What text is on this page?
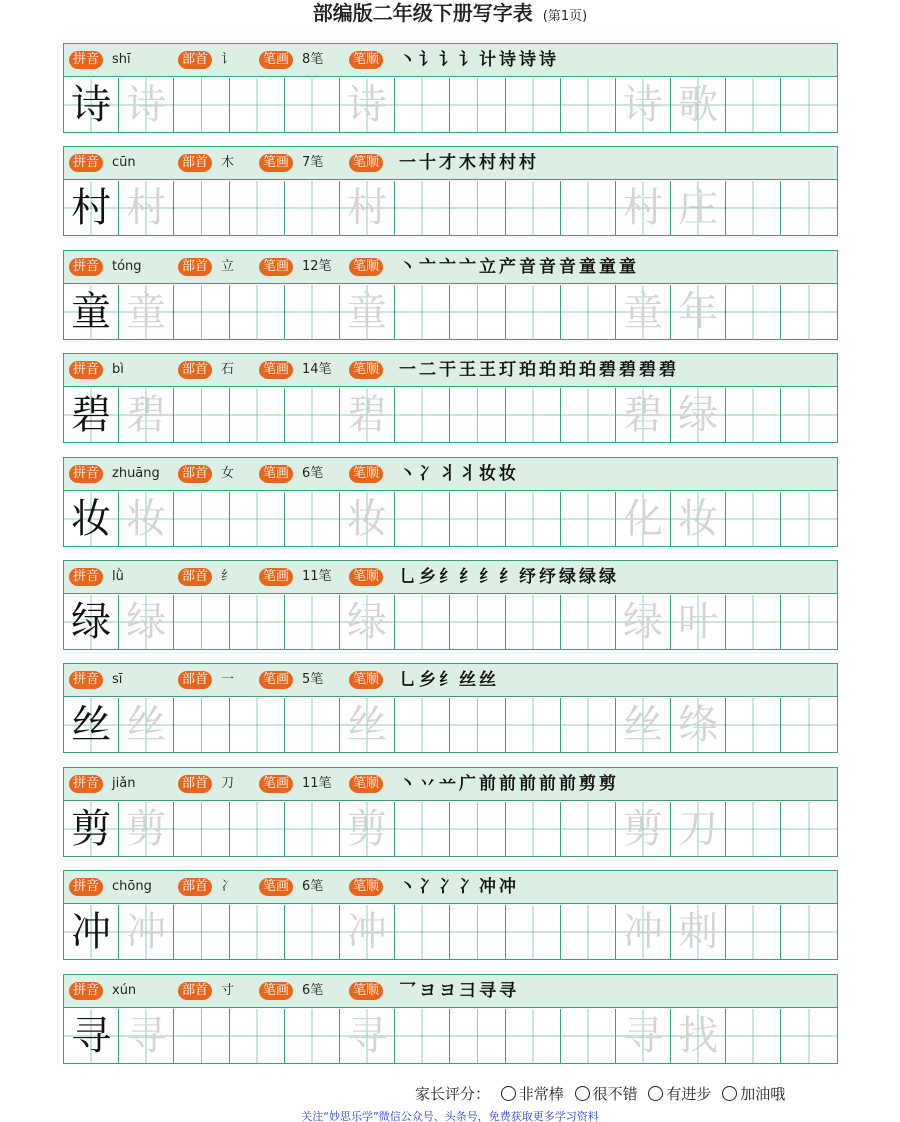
部编版二年级下册写字表 (第1页)
拼音	部首	笔画	笔顺
shī	讠	8笔	丶讠讠讠计诗诗诗
诗 诗	诗	诗 歌
拼音	部首	笔画	笔顺
cūn	木	7笔	一十才木村村村
村 村	村	村 庄
拼音	部首	笔画	笔顺
tóng	立	12笔	丶亠亠亠立产音音音童童童
童 童	童	童 年
拼音	部首	笔画	笔顺
bì	石	14笔	一二干王王玎珀珀珀珀碧碧碧碧
碧 碧	碧	碧 绿
拼音	部首	笔画	笔顺
zhuāng	女	6笔	丶冫丬丬妆妆
妆 妆	妆	化 妆
拼音	部首	笔画	笔顺
lǜ	纟	11笔	乚乡纟纟纟纟纾纾绿绿绿
绿 绿	绿	绿 叶
拼音	部首	笔画	笔顺
sī	一	5笔	乚乡纟丝丝
丝 丝	丝	丝 绦
拼音	部首	笔画	笔顺
jiǎn	刀	11笔	丶丷䒑广前前前前前剪剪
剪 剪	剪	剪 刀
拼音	部首	笔画	笔顺
chōng	冫	6笔	丶冫冫冫冲冲
冲 冲	冲	冲 刺
拼音	部首	笔画	笔顺
xún	寸	6笔	乛ヨヨ彐寻寻
寻 寻	寻	寻 找
家长评分： 非常棒 很不错 有进步 加油哦
关注“妙思乐学”微信公众号、头条号，免费获取更多学习资料
